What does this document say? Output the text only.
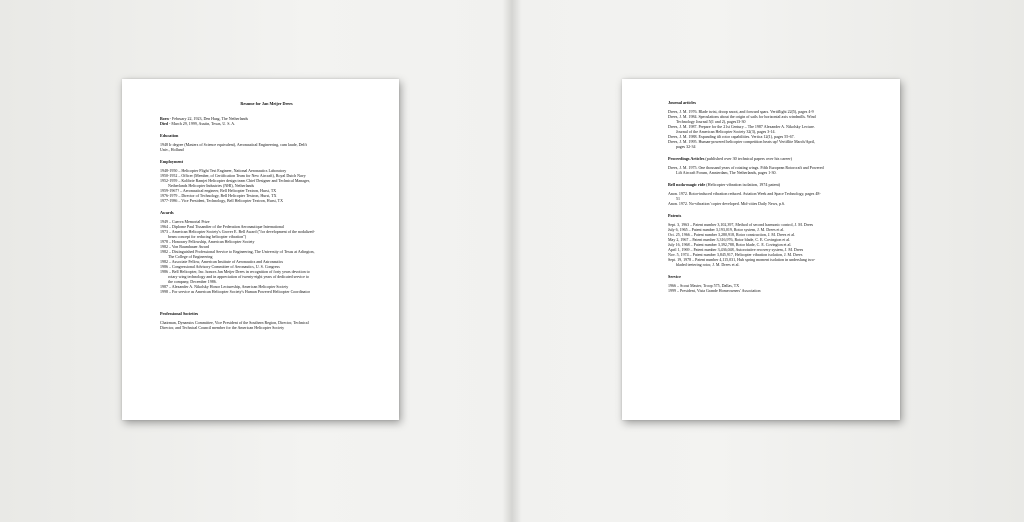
Resume for Jan Meijer Drees
Born - February 22, 1923, Den Haag, The Netherlands
Died - March 29, 1999, Austin, Texas, U. S. A.
Education
1948 Ir degree (Masters of Science equivalent), Aeronautical Engineering, cum laude, Delft
Univ., Holland
Employment
1948-1950 – Helicopter Flight Test Engineer, National Aeronautics Laboratory
1950-1952 – Officer (Member, of Certification Team for New Aircraft), Royal Dutch Navy
1952-1959 – Kolibrie Ramjet Helicopter design team Chief Designer and Technical Manager,
Netherlands Helicopter Industries (NHI), Netherlands
1959-1967? – Aeronautical engineer, Bell Helicopter Textron, Hurst, TX
1976-1979 – Director of Technology, Bell Helicopter Textron, Hurst, TX
1977-1986 – Vice President, Technology, Bell Helicopter Textron, Hurst, TX
Awards
1949 – Cuerva Memorial Prize
1964 – Diplome Paul Tissandier of the Federation Aeronautique International
1973 – American Helicopter Society's Grover E. Bell Award ("for development of the nodalized-
beam concept for reducing helicopter vibration")
1978 – Honorary Fellowship, American Helicopter Society
1982 – Von Baumhauer Award
1982 – Distinguished Professional Service to Engineering, The University of Texas at Arlington,
The College of Engineering
1982 – Associate Fellow, American Institute of Aeronautics and Astronautics
1986 – Congressional Advisory Committee of Aeronautics, U. S. Congress
1986 – Bell Helicopter, Inc. honors Jan Meijer Drees in recognition of forty years devotion to
rotary wing technology and in appreciation of twenty-eight years of dedicated service to
the company, December 1986.
1987 – Alexander A. Nikolsky Honor Lectureship, American Helicopter Society
1998 – For service as American Helicopter Society's Human Powered Helicopter Coordinator
Professional Societies
Chairman, Dynamics Committee, Vice President of the Southern Region, Director, Technical
Director, and Technical Council member for the American Helicopter Society
Journal articles
Drees, J. M. 1976. Blade twist, droop snoot, and forward spars. Vertiflight 22(5), pages 4-9
Drees, J. M. 1984. Speculations about the origin of sails for horizontal axis windmills. Wind
Technology Journal 5(1 and 2), pages13-30
Drees, J. M. 1987. Prepare for the 21st Century – The 1987 Alexander A. Nikolsky Lecture.
Journal of the American Helicopter Society 32(3), pages 3-14.
Drees, J. M. 1988. Expanding tilt rotor capabilities. Vertica 12(1), pages 55-67.
Drees, J. M. 1995. Human-powered helicopter competition heats up! Vertiflite March/April,
pages 32-34
Proceedings Articles (published over 30 technical papers over his career)
Drees, J. M. 1975. One thousand years of rotating wings. Fifth European Rotorcraft and Powered
Lift Aircraft Forum, Amsterdam, The Netherlands, pages 1-30.
Bell noda-magic ride (Helicopter vibration isolation, 1974 patent)
Anon. 1972. Rotor-induced vibration reduced. Aviation Week and Space Technology, pages 48-
51
Anon. 1972. No-vibration 'copter developed. Mid-cities Daily News, p.6.
Patents
Sept. 3, 1963 – Patent number 3,102,397, Method of second harmonic control, J. M. Drees
July 6, 1965 – Patent number 3,193,019, Rotor system, J. M. Drees et al.
Oct. 25, 1966 – Patent number 3,280,918, Rotor construction, J. M. Drees et al.
May 2, 1967 – Patent number 3,316,976, Rotor blade, C. E. Covington et al.
July 16, 1968 – Patent number 3,392,788, Rotor blade, C. E. Covington et al.
April 1, 1969 – Patent number 3,436,048, Autorotative recovery system, J. M. Drees
Nov. 5, 1974 – Patent number 3,845,917, Helicopter vibration isolation, J. M. Drees
Sept. 19, 1978 – Patent number 4,115,031, Hub spring moment isolation in underslung two-
bladed teetering rotor, J. M. Drees et al.
Service
1966 – Scout Master, Troop 575, Dallas, TX
1999 – President, Vista Grande Homeowners' Association
